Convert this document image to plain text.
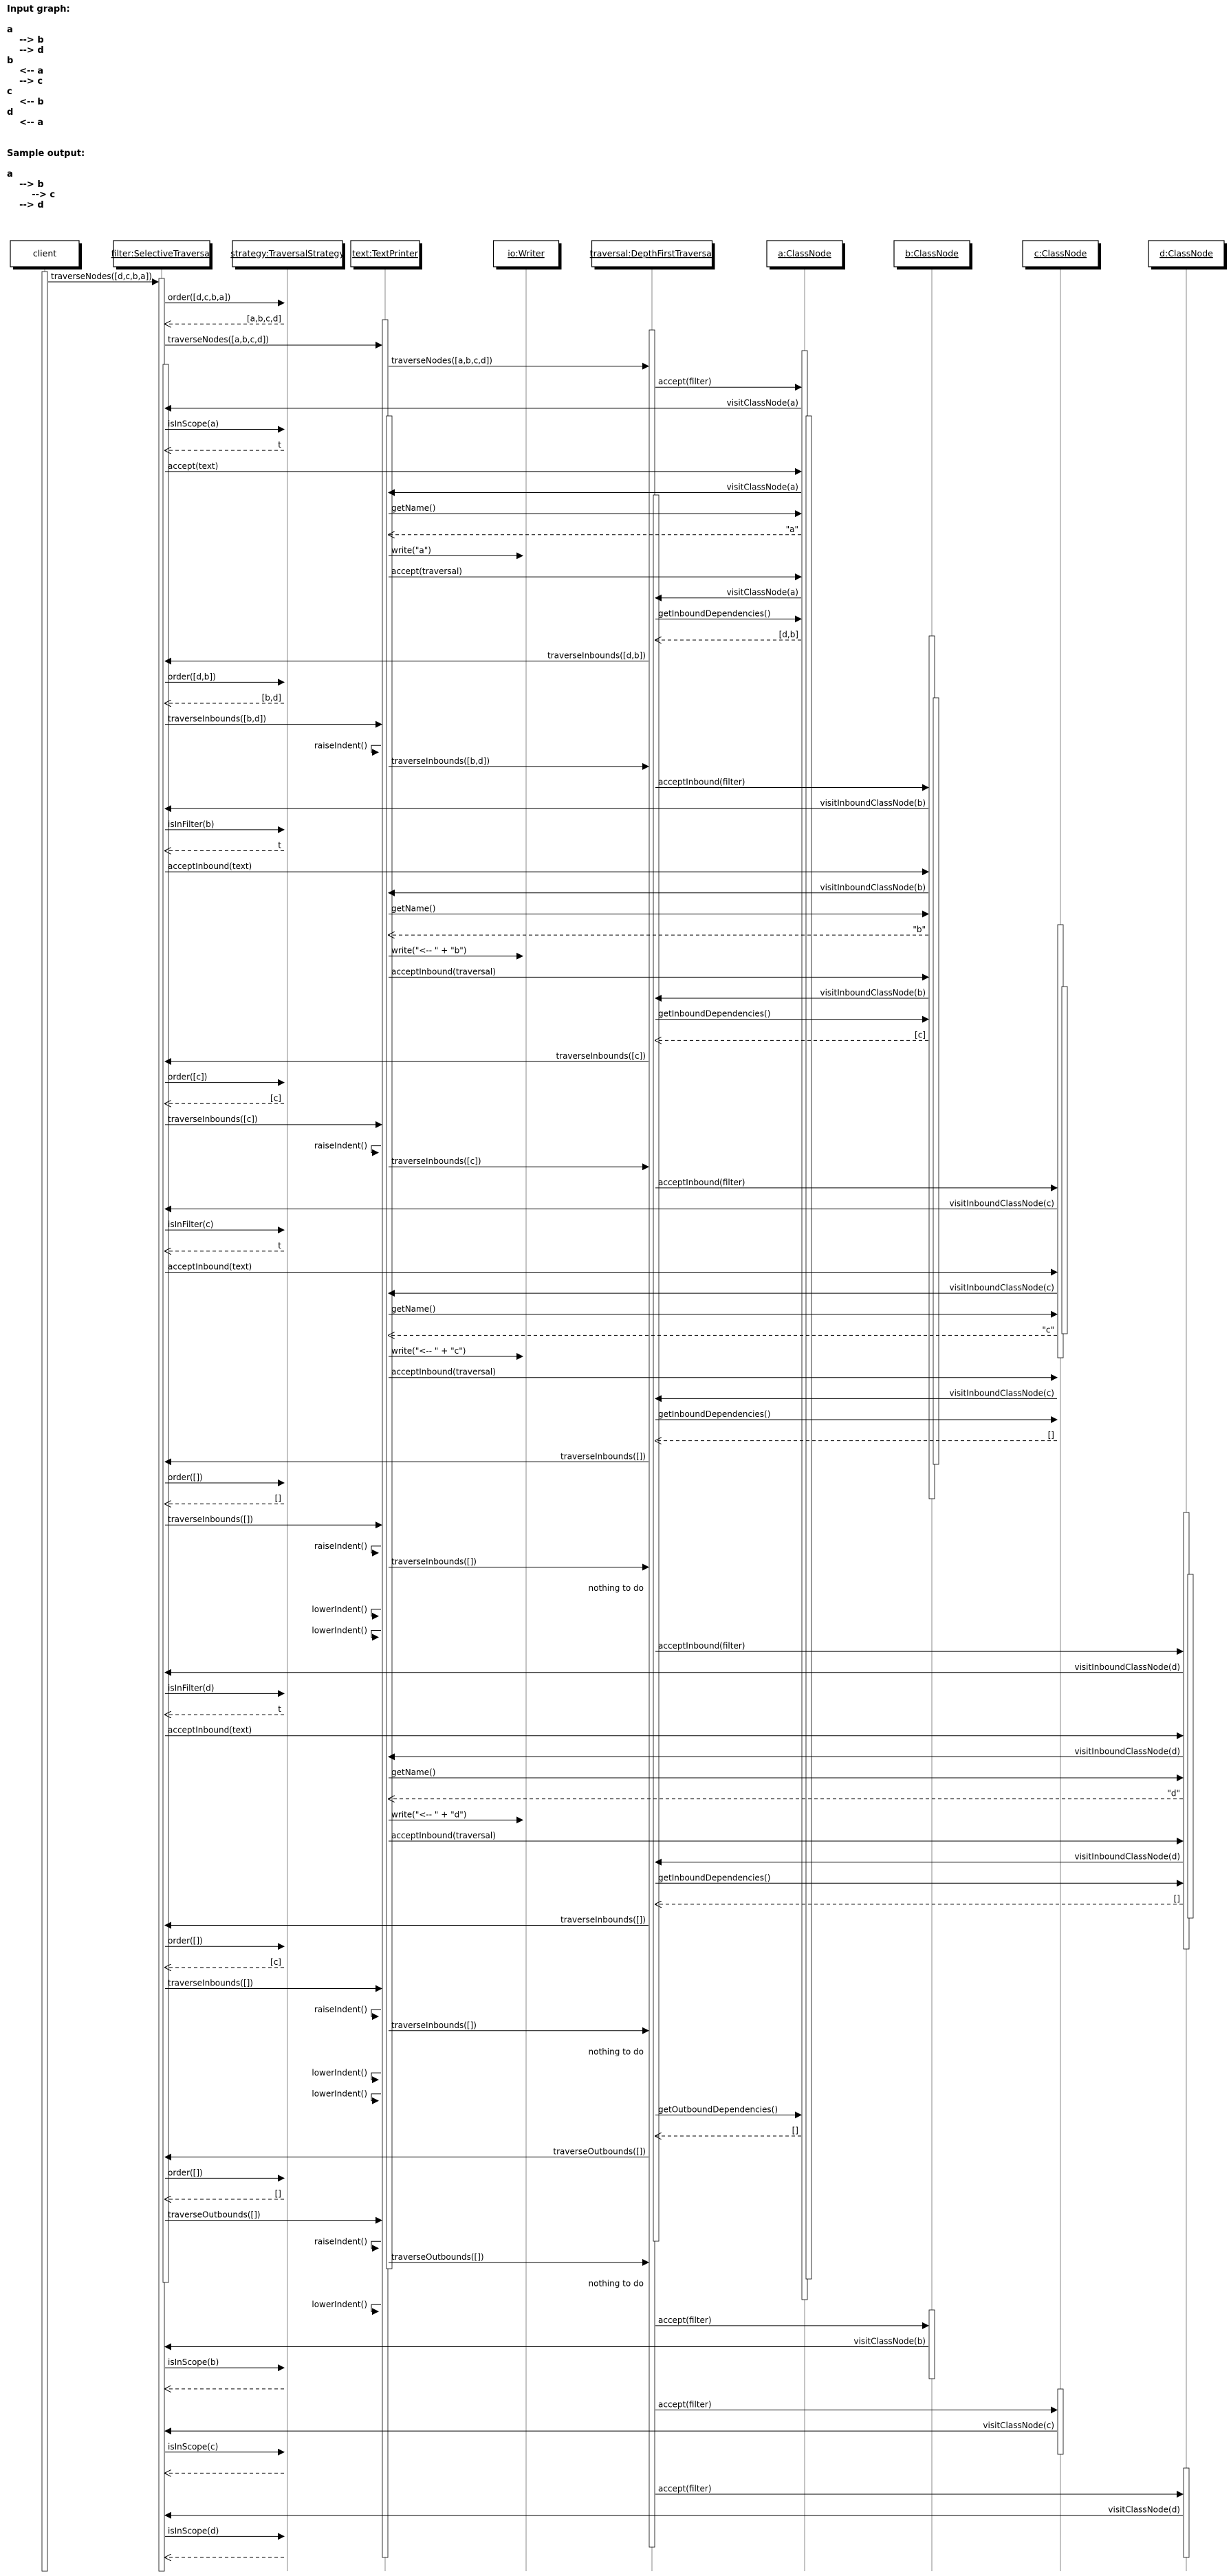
Input graph:

a

--> b

--> d

b

<-- a

--> c

c

<-- b

d

<-- a

Sample output:

a

--> b

--> c

--> d

traverseNodes([d,c,b,a])
order([d,c,b,a])
[a,b,c,d]
traverseNodes([a,b,c,d])
traverseNodes([a,b,c,d])
accept(filter)
visitClassNode(a)
isInScope(a)
t
accept(text)
visitClassNode(a)
getName()
"a"
write("a")
accept(traversal)
visitClassNode(a)
getInboundDependencies()
[d,b]
traverseInbounds([d,b])
order([d,b])
[b,d]
traverseInbounds([b,d])
raiseIndent()
traverseInbounds([b,d])
acceptInbound(filter)
visitInboundClassNode(b)
isInFilter(b)
t
acceptInbound(text)
visitInboundClassNode(b)
getName()
"b"
write("<-- " + "b")
acceptInbound(traversal)
visitInboundClassNode(b)
getInboundDependencies()
[c]
traverseInbounds([c])
order([c])
[c]
traverseInbounds([c])
raiseIndent()
traverseInbounds([c])
acceptInbound(filter)
visitInboundClassNode(c)
isInFilter(c)
t
acceptInbound(text)
visitInboundClassNode(c)
getName()
"c"
write("<-- " + "c")
acceptInbound(traversal)
visitInboundClassNode(c)
getInboundDependencies()
[]
traverseInbounds([])
order([])
[]
traverseInbounds([])
raiseIndent()
traverseInbounds([])
nothing to do
lowerIndent()
lowerIndent()
acceptInbound(filter)
visitInboundClassNode(d)
isInFilter(d)
t
acceptInbound(text)
visitInboundClassNode(d)
getName()
"d"
write("<-- " + "d")
acceptInbound(traversal)
visitInboundClassNode(d)
getInboundDependencies()
[]
traverseInbounds([])
order([])
[c]
traverseInbounds([])
raiseIndent()
traverseInbounds([])
nothing to do
lowerIndent()
lowerIndent()
getOutboundDependencies()
[]
traverseOutbounds([])
order([])
[]
traverseOutbounds([])
raiseIndent()
traverseOutbounds([])
nothing to do
lowerIndent()
accept(filter)
visitClassNode(b)
isInScope(b)
accept(filter)
visitClassNode(c)
isInScope(c)
accept(filter)
visitClassNode(d)
isInScope(d)
client	filter:SelectiveTraversal strategy:TraversalStrategy text:TextPrinter	io:Writer	traversal:DepthFirstTraversal	a:ClassNode	b:ClassNode	c:ClassNode	d:ClassNode
